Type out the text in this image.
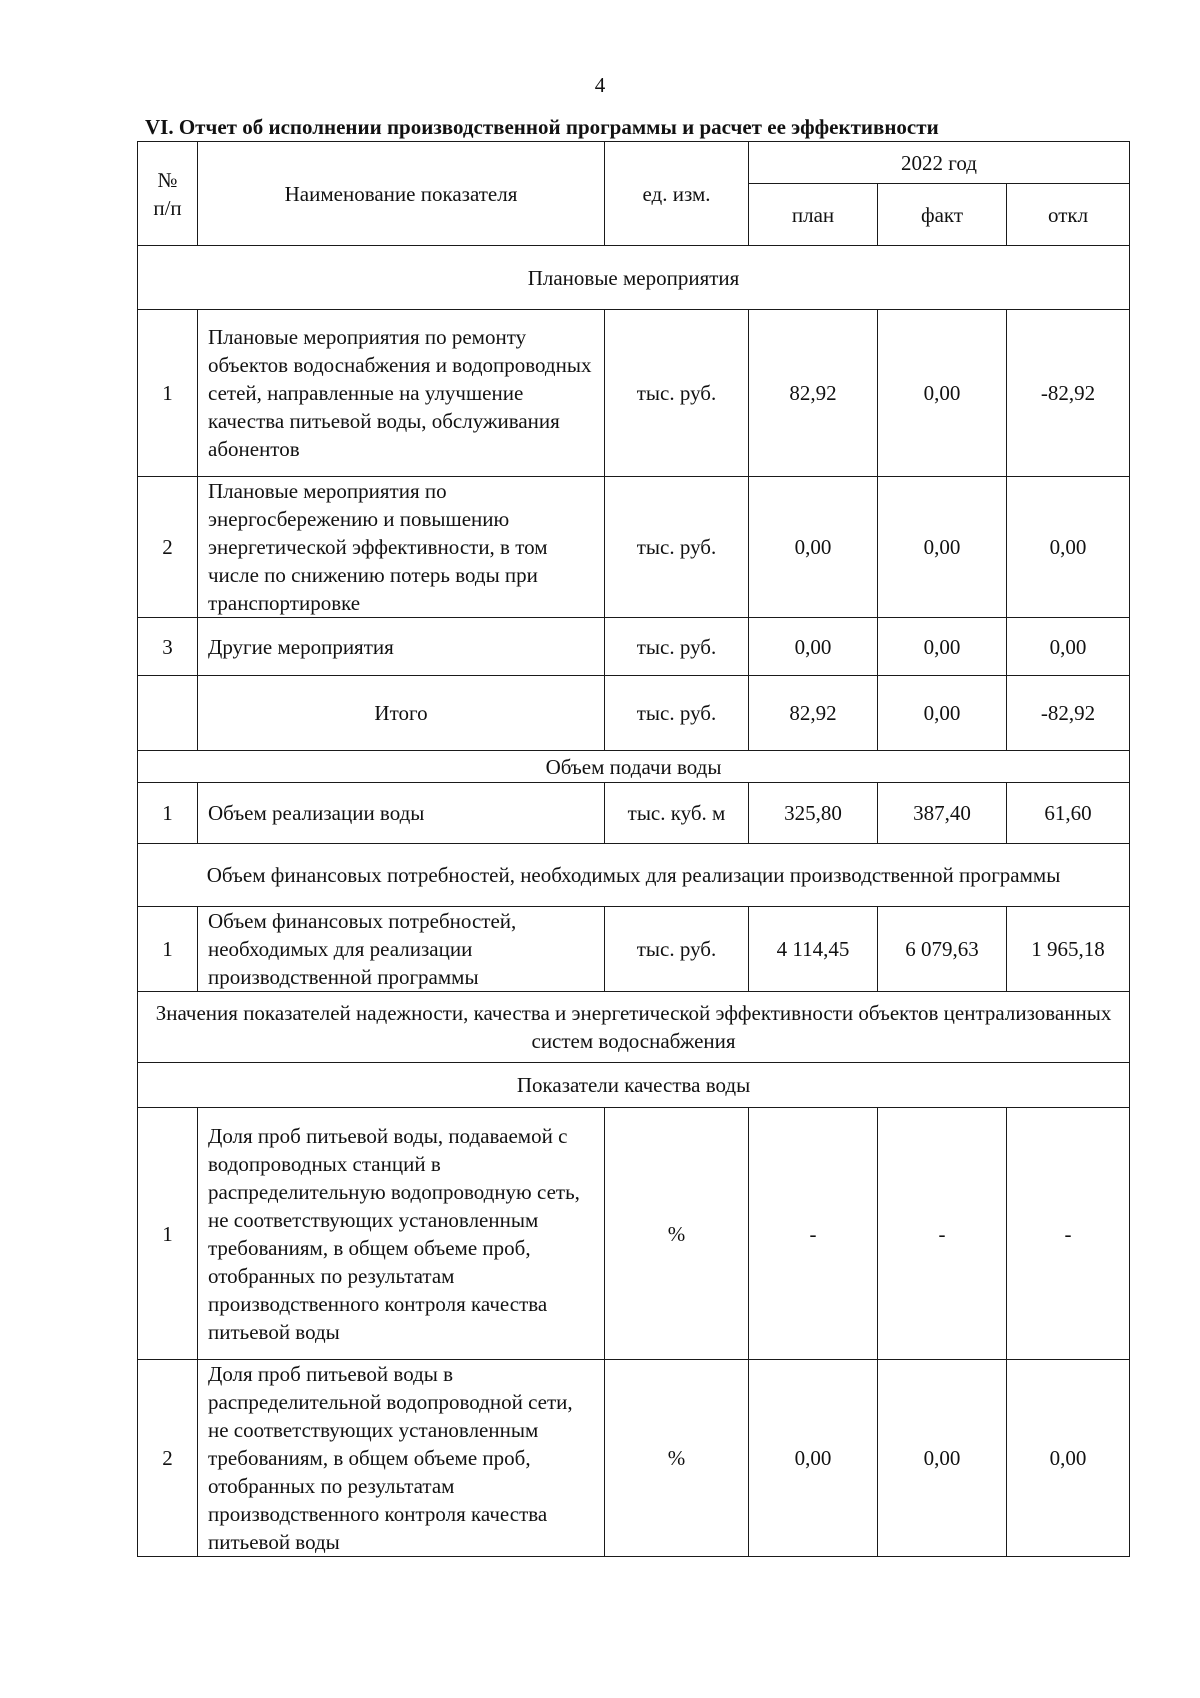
4
VI. Отчет об исполнении производственной программы и расчет ее эффективности
№ п/п	Наименование показателя	ед. изм.	2022 год		
			план	факт	откл
Плановые мероприятия					
1	Плановые мероприятия по ремонту объектов водоснабжения и водопроводных сетей, направленные на улучшение качества питьевой воды, обслуживания абонентов	тыс. руб.	82,92	0,00	-82,92
2	Плановые мероприятия по энергосбережению и повышению энергетической эффективности, в том числе по снижению потерь воды при транспортировке	тыс. руб.	0,00	0,00	0,00
3	Другие мероприятия	тыс. руб.	0,00	0,00	0,00
	Итого	тыс. руб.	82,92	0,00	-82,92
Объем подачи воды					
1	Объем реализации воды	тыс. куб. м	325,80	387,40	61,60
Объем финансовых потребностей, необходимых для реализации производственной программы					
1	Объем финансовых потребностей, необходимых для реализации производственной программы	тыс. руб.	4 114,45	6 079,63	1 965,18
Значения показателей надежности, качества и энергетической эффективности объектов централизованных систем водоснабжения					
Показатели качества воды					
1	Доля проб питьевой воды, подаваемой с водопроводных станций в распределительную водопроводную сеть, не соответствующих установленным требованиям, в общем объеме проб, отобранных по результатам производственного контроля качества питьевой воды	%	-	-	-
2	Доля проб питьевой воды в распределительной водопроводной сети, не соответствующих установленным требованиям, в общем объеме проб, отобранных по результатам производственного контроля качества питьевой воды	%	0,00	0,00	0,00
